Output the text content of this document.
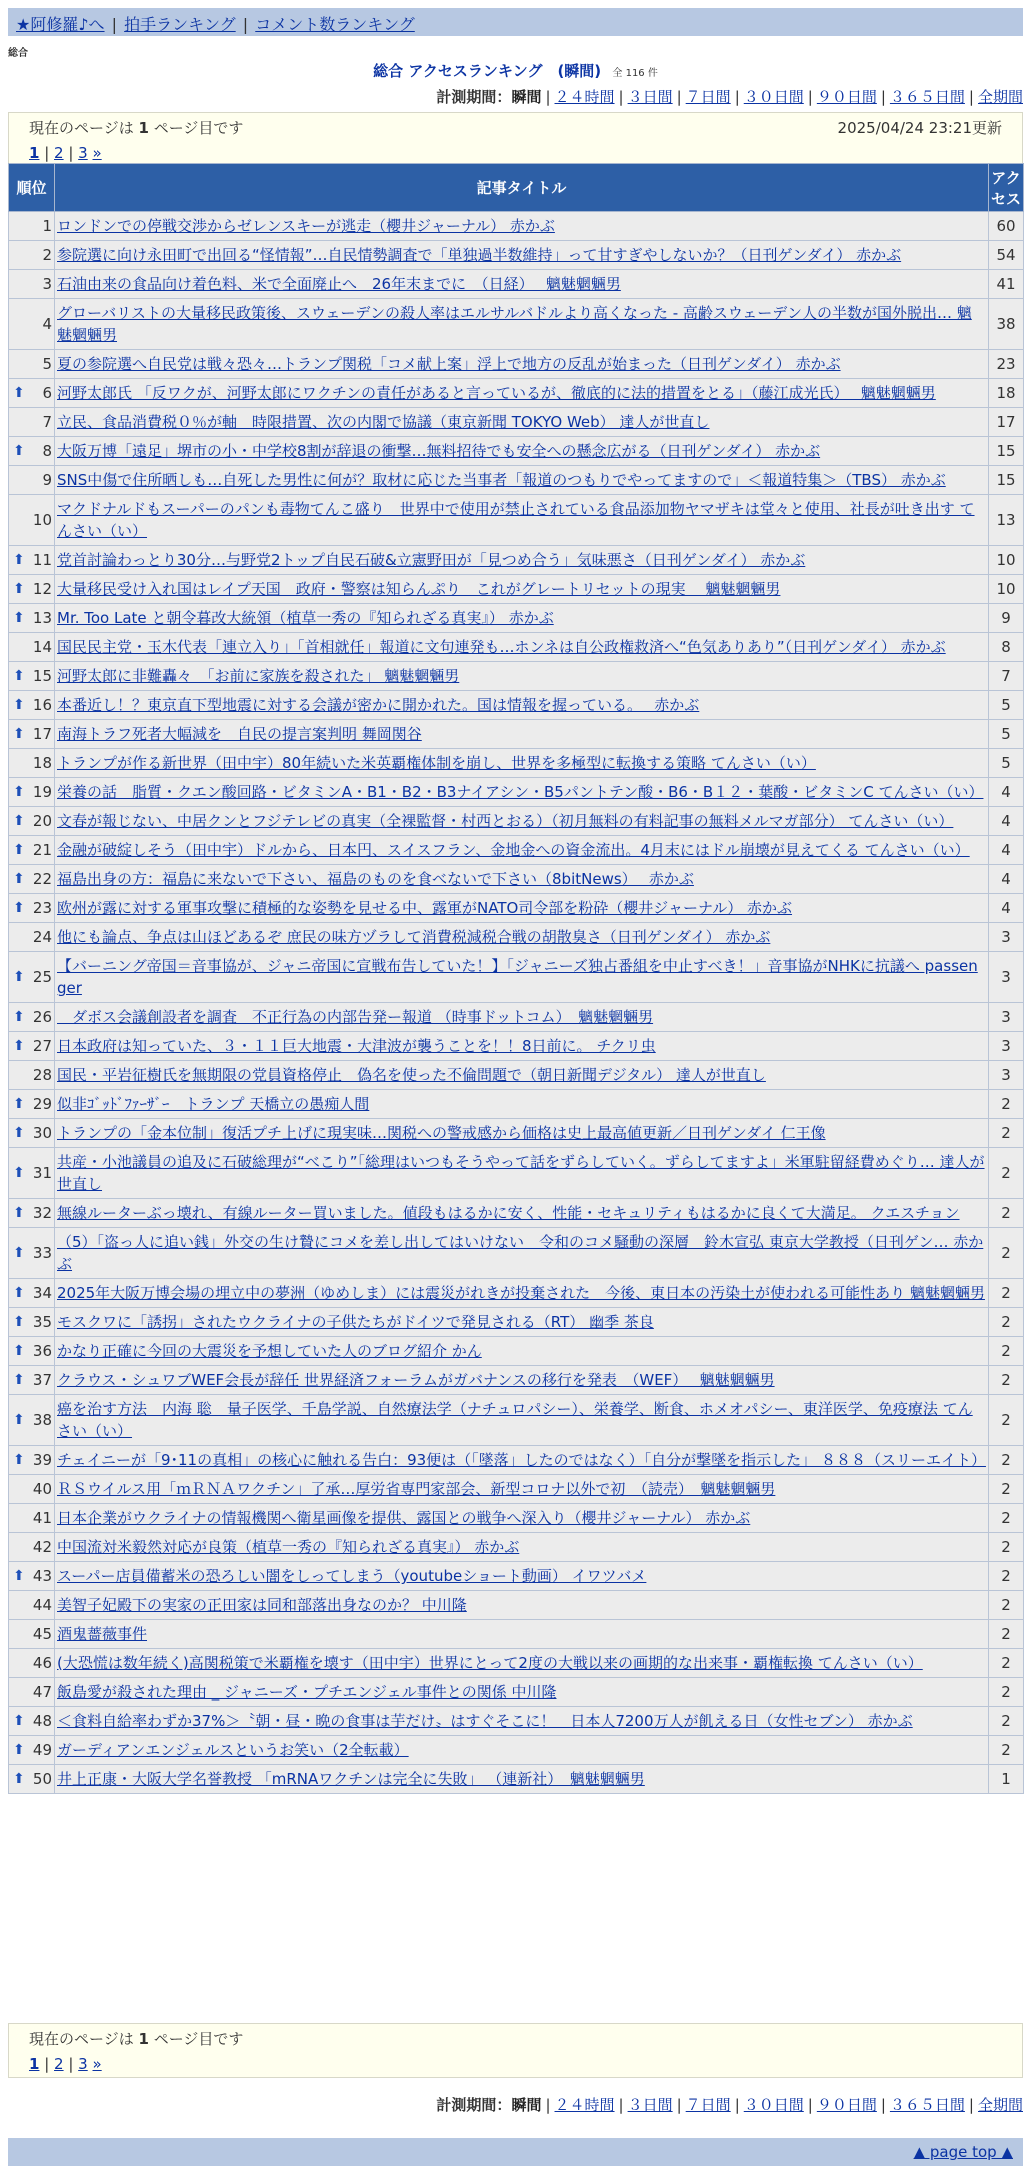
★阿修羅♪へ | 拍手ランキング | コメント数ランキング
総合
総合 アクセスランキング　(瞬間) 全 116 件
計測期間：瞬間 | ２４時間 | ３日間 | ７日間 | ３０日間 | ９０日間 | ３６５日間 | 全期間
現在のページは 1 ページ目です	2025/04/24 23:21更新
1 | 2 | 3 »
順位	記事タイトル	アクセス
1	ロンドンでの停戦交渉からゼレンスキーが逃走（櫻井ジャーナル） 赤かぶ	60
2	参院選に向け永田町で出回る“怪情報”…自民情勢調査で「単独過半数維持」って甘すぎやしないか？（日刊ゲンダイ） 赤かぶ	54
3	石油由来の食品向け着色料、米で全面廃止へ　26年末までに　（日経）　 魑魅魍魎男	41
4	グローバリストの大量移民政策後、スウェーデンの殺人率はエルサルバドルより高くなった - 高齢スウェーデン人の半数が国外脱出… 魑魅魍魎男	38
5	夏の参院選へ自民党は戦々恐々…トランプ関税「コメ献上案」浮上で地方の反乱が始まった（日刊ゲンダイ） 赤かぶ	23

⬆ 6	河野太郎氏 「反ワクが、河野太郎にワクチンの責任があると言っているが、徹底的に法的措置をとる」（藤江成光氏）　 魑魅魍魎男	18
7	立民、食品消費税０％が軸　時限措置、次の内閣で協議（東京新聞 TOKYO Web） 達人が世直し	17

⬆ 8	大阪万博「遠足」堺市の小・中学校8割が辞退の衝撃…無料招待でも安全への懸念広がる（日刊ゲンダイ） 赤かぶ	15
9	SNS中傷で住所晒しも…自死した男性に何が？取材に応じた当事者「報道のつもりでやってますので」＜報道特集＞（TBS） 赤かぶ	15
10	マクドナルドもスーパーのパンも毒物てんこ盛り　世界中で使用が禁止されている食品添加物ヤマザキは堂々と使用、社長が吐き出す てんさい（い）	13

⬆ 11	党首討論わっとり30分…与野党2トップ自民石破&立憲野田が「見つめ合う」気味悪さ（日刊ゲンダイ） 赤かぶ	10

⬆ 12	大量移民受け入れ国はレイプ天国　政府・警察は知らんぷり　これがグレートリセットの現実　 魑魅魍魎男	10

⬆ 13	Mr. Too Late と朝令暮改大統領（植草一秀の『知られざる真実』） 赤かぶ	9
14	国民民主党・玉木代表「連立入り」「首相就任」報道に文句連発も…ホンネは自公政権救済へ“色気ありあり”（日刊ゲンダイ） 赤かぶ	8

⬆ 15	河野太郎に非難轟々　「お前に家族を殺された」 魑魅魍魎男	7

⬆ 16	本番近し！？東京直下型地震に対する会議が密かに開かれた。国は情報を握っている。　 赤かぶ	5

⬆ 17	南海トラフ死者大幅減を　自民の提言案判明 舞岡関谷	5
18	トランプが作る新世界（田中宇）80年続いた米英覇権体制を崩し、世界を多極型に転換する策略 てんさい（い）	5

⬆ 19	栄養の話　脂質・クエン酸回路・ビタミンA・B1・B2・B3ナイアシン・B5パントテン酸・B6・B１２・葉酸・ビタミンC てんさい（い）	4

⬆ 20	文春が報じない、中居クンとフジテレビの真実（全裸監督・村西とおる）（初月無料の有料記事の無料メルマガ部分） てんさい（い）	4

⬆ 21	金融が破綻しそう（田中宇）ドルから、日本円、スイスフラン、金地金への資金流出。4月末にはドル崩壊が見えてくる てんさい（い）	4

⬆ 22	福島出身の方：福島に来ないで下さい、福島のものを食べないで下さい（8bitNews）　 赤かぶ	4

⬆ 23	欧州が露に対する軍事攻撃に積極的な姿勢を見せる中、露軍がNATO司令部を粉砕（櫻井ジャーナル） 赤かぶ	4
24	他にも論点、争点は山ほどあるぞ 庶民の味方ヅラして消費税減税合戦の胡散臭さ（日刊ゲンダイ） 赤かぶ	3

⬆ 25	【バーニング帝国＝音事協が、ジャニ帝国に宣戦布告していた！】「ジャニーズ独占番組を中止すべき！」音事協がNHKに抗議へ passenger	3

⬆ 26	　ダボス会議創設者を調査　不正行為の内部告発ー報道 （時事ドットコム）　魑魅魍魎男	3

⬆ 27	日本政府は知っていた、３・１１巨大地震・大津波が襲うことを！！8日前に。 チクリ虫	3
28	国民・平岩征樹氏を無期限の党員資格停止　偽名を使った不倫問題で（朝日新聞デジタル） 達人が世直し	3

⬆ 29	似非ｺﾞｯﾄﾞﾌｧｰｻﾞｰ　トランプ 天橋立の愚痴人間	2

⬆ 30	トランプの「金本位制」復活プチ上げに現実味…関税への警戒感から価格は史上最高値更新／日刊ゲンダイ 仁王像	2

⬆ 31	共産・小池議員の追及に石破総理が“べこり”「総理はいつもそうやって話をずらしていく。ずらしてますよ」米軍駐留経費めぐり… 達人が世直し	2

⬆ 32	無線ルーターぶっ壊れ、有線ルーター買いました。値段もはるかに安く、性能・セキュリティもはるかに良くて大満足。 クエスチョン	2

⬆ 33	（5）「盗っ人に追い銭」外交の生け贄にコメを差し出してはいけない　令和のコメ騒動の深層　鈴木宣弘 東京大学教授（日刊ゲン… 赤かぶ	2

⬆ 34	2025年大阪万博会場の埋立中の夢洲（ゆめしま）には震災がれきが投棄された　今後、東日本の汚染土が使われる可能性あり 魑魅魍魎男	2

⬆ 35	モスクワに「誘拐」されたウクライナの子供たちがドイツで発見される（RT） 幽季 茶良	2

⬆ 36	かなり正確に今回の大震災を予想していた人のブログ紹介 かん	2

⬆ 37	クラウス・シュワブWEF会長が辞任 世界経済フォーラムがガバナンスの移行を発表　（WEF）　 魑魅魍魎男	2

⬆ 38	癌を治す方法　内海 聡　量子医学、千島学説、自然療法学（ナチュロパシー）、栄養学、断食、ホメオパシー、東洋医学、免疫療法 てんさい（い）	2

⬆ 39	チェイニーが「9･11の真相」の核心に触れる告白：93便は（「墜落」したのではなく）「自分が撃墜を指示した」 ８８８（スリーエイト）	2
40	ＲＳウイルス用「ｍＲＮＡワクチン」了承…厚労省専門家部会、新型コロナ以外で初　（読売）　魑魅魍魎男	2
41	日本企業がウクライナの情報機関へ衛星画像を提供、露国との戦争へ深入り（櫻井ジャーナル） 赤かぶ	2
42	中国流対米毅然対応が良策（植草一秀の『知られざる真実』） 赤かぶ	2

⬆ 43	スーパー店員備蓄米の恐ろしい闇をしってしまう（youtubeショート動画） イワツバメ	2
44	美智子妃殿下の実家の正田家は同和部落出身なのか？ 中川隆	2
45	酒鬼薔薇事件	2
46	(大恐慌は数年続く)高関税策で米覇権を壊す（田中宇）世界にとって2度の大戦以来の画期的な出来事・覇権転換 てんさい（い）	2
47	飯島愛が殺された理由 _ ジャニーズ・プチエンジェル事件との関係 中川隆	2

⬆ 48	＜食料自給率わずか37%＞〝朝・昼・晩の食事は芋だけ〟はすぐそこに！　日本人7200万人が飢える日（女性セブン） 赤かぶ	2

⬆ 49	ガーディアンエンジェルスというお笑い（2全転載）	2

⬆ 50	井上正康・大阪大学名誉教授 「mRNAワクチンは完全に失敗」 （連新社）　魑魅魍魎男	1
現在のページは 1 ページ目です
1 | 2 | 3 »
計測期間：瞬間 | ２４時間 | ３日間 | ７日間 | ３０日間 | ９０日間 | ３６５日間 | 全期間
▲ page top ▲
